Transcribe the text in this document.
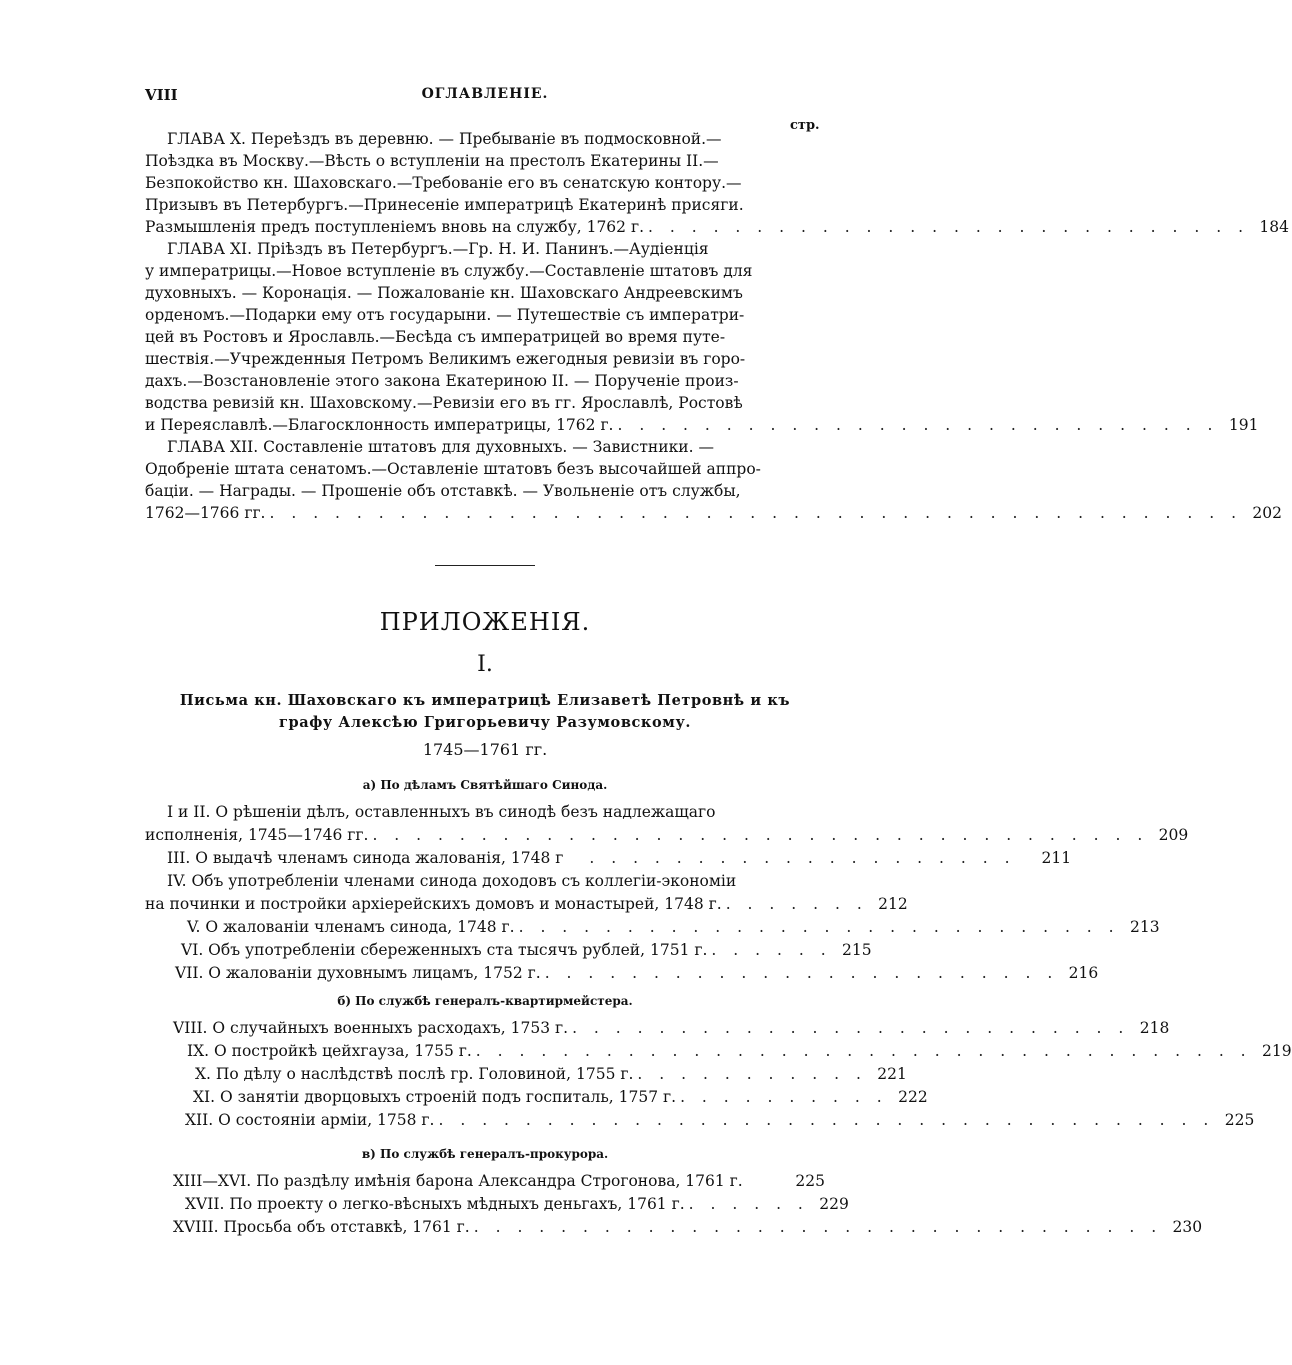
VIII	ОГЛАВЛЕНІЕ.
стр.
ГЛАВА X. Переѣздъ въ деревню. — Пребываніе въ подмосковной.—
Поѣздка въ Москву.—Вѣсть о вступленіи на престолъ Екатерины II.—
Безпокойство кн. Шаховскаго.—Требованіе его въ сенатскую контору.—
Призывъ въ Петербургъ.—Принесеніе императрицѣ Екатеринѣ присяги.
Размышленія предъ поступленіемъ вновь на службу, 1762 г. . . . . . . . . . . . . . . . . . . . . . . . . . . . . 184
ГЛАВА XI. Пріѣздъ въ Петербургъ.—Гр. Н. И. Панинъ.—Аудіенція
у императрицы.—Новое вступленіе въ службу.—Составленіе штатовъ для
духовныхъ. — Коронація. — Пожалованіе кн. Шаховскаго Андреевскимъ
орденомъ.—Подарки ему отъ государыни. — Путешествіе съ императри-
цей въ Ростовъ и Ярославль.—Бесѣда съ императрицей во время путе-
шествія.—Учрежденныя Петромъ Великимъ ежегодныя ревизіи въ горо-
дахъ.—Возстановленіе этого закона Екатериною II. — Порученіе произ-
водства ревизій кн. Шаховскому.—Ревизіи его въ гг. Ярославлѣ, Ростовѣ
и Переяславлѣ.—Благосклонность императрицы, 1762 г. . . . . . . . . . . . . . . . . . . . . . . . . . . . . 191
ГЛАВА XII. Составленіе штатовъ для духовныхъ. — Завистники. —
Одобреніе штата сенатомъ.—Оставленіе штатовъ безъ высочайшей аппро-
баціи. — Награды. — Прошеніе объ отставкѣ. — Увольненіе отъ службы,
1762—1766 гг. . . . . . . . . . . . . . . . . . . . . . . . . . . . . . . . . . . . . . . . . . . . . . 202
ПРИЛОЖЕНІЯ.
I.
Письма кн. Шаховскаго къ императрицѣ Елизаветѣ Петровнѣ и къ
графу Алексѣю Григорьевичу Разумовскому.
1745—1761 гг.
а) По дѣламъ Святѣйшаго Синода.
I и II. О рѣшеніи дѣлъ, оставленныхъ въ синодѣ безъ надлежащаго
исполненія, 1745—1746 гг. . . . . . . . . . . . . . . . . . . . . . . . . . . . . . . . . . . . . 209
III. О выдачѣ членамъ синода жалованія, 1748 г	. . . . . . . . . . . . . . . . . . . .	211
IV. Объ употребленіи членами синода доходовъ съ коллегіи-экономіи
на починки и постройки архіерейскихъ домовъ и монастырей, 1748 г. . . . . . . . 212
V. О жалованіи членамъ синода, 1748 г. . . . . . . . . . . . . . . . . . . . . . . . . . . . . 213
VI. Объ употребленіи сбереженныхъ ста тысячъ рублей, 1751 г. . . . . . . 215
VII. О жалованіи духовнымъ лицамъ, 1752 г. . . . . . . . . . . . . . . . . . . . . . . . . 216
б) По службѣ генералъ-квартирмейстера.
VIII. О случайныхъ военныхъ расходахъ, 1753 г. . . . . . . . . . . . . . . . . . . . . . . . . . . 218
IX. О постройкѣ цейхгауза, 1755 г. . . . . . . . . . . . . . . . . . . . . . . . . . . . . . . . . . . . . 219
X. По дѣлу о наслѣдствѣ послѣ гр. Головиной, 1755 г. . . . . . . . . . . . 221
XI. О занятіи дворцовыхъ строеній подъ госпиталь, 1757 г. . . . . . . . . . . 222
XII. О состояніи арміи, 1758 г. . . . . . . . . . . . . . . . . . . . . . . . . . . . . . . . . . . . . 225
в) По службѣ генералъ-прокурора.
XIII—XVI. По раздѣлу имѣнія барона Александра Строгонова, 1761 г.	225
XVII. По проекту о легко-вѣсныхъ мѣдныхъ деньгахъ, 1761 г. . . . . . . 229
XVIII. Просьба объ отставкѣ, 1761 г. . . . . . . . . . . . . . . . . . . . . . . . . . . . . . . . . 230
